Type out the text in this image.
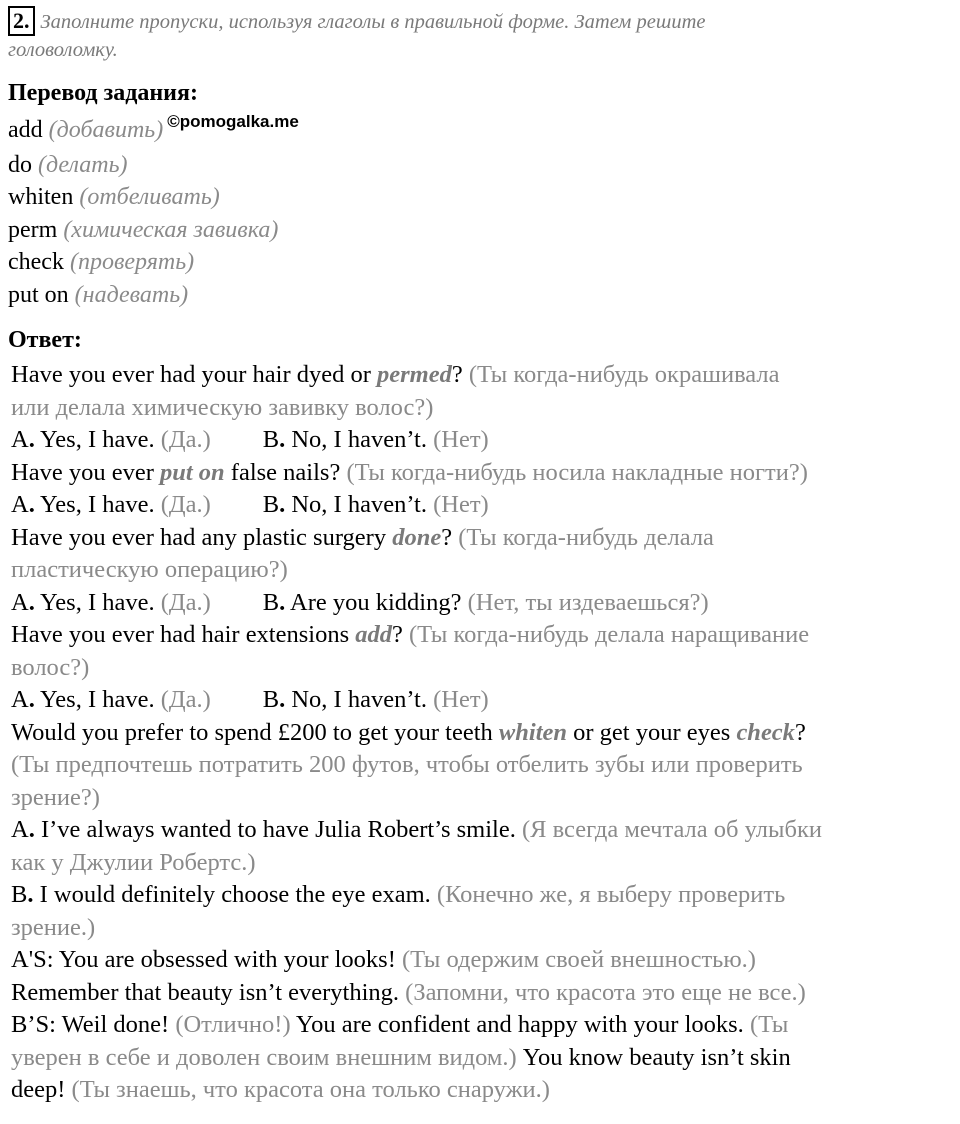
2. Заполните пропуски, используя глаголы в правильной форме. Затем решите
головоломку.
Перевод задания:
add (добавить) $^{©pomogalka.me}$
do (делать)
whiten (отбеливать)
perm (химическая завивка)
check (проверять)
put on (надевать)
Ответ:
Have you ever had your hair dyed or permed? (Ты когда-нибудь окрашивала
или делала химическую завивку волос?)
A. Yes, I have. (Да.) B. No, I haven’t. (Нет)
Have you ever put on false nails? (Ты когда-нибудь носила накладные ногти?)
A. Yes, I have. (Да.) B. No, I haven’t. (Нет)
Have you ever had any plastic surgery done? (Ты когда-нибудь делала
пластическую операцию?)
A. Yes, I have. (Да.) B. Are you kidding? (Нет, ты издеваешься?)
Have you ever had hair extensions add? (Ты когда-нибудь делала наращивание
волос?)
A. Yes, I have. (Да.) B. No, I haven’t. (Нет)
Would you prefer to spend £200 to get your teeth whiten or get your eyes check?
(Ты предпочтешь потратить 200 футов, чтобы отбелить зубы или проверить
зрение?)
A. I’ve always wanted to have Julia Robert’s smile. (Я всегда мечтала об улыбки
как у Джулии Робертс.)
B. I would definitely choose the eye exam. (Конечно же, я выберу проверить
зрение.)
A'S: You are obsessed with your looks! (Ты одержим своей внешностью.)
Remember that beauty isn’t everything. (Запомни, что красота это еще не все.)
B’S: Weil done! (Отлично!) You are confident and happy with your looks. (Ты
уверен в себе и доволен своим внешним видом.) You know beauty isn’t skin
deep! (Ты знаешь, что красота она только снаружи.)
